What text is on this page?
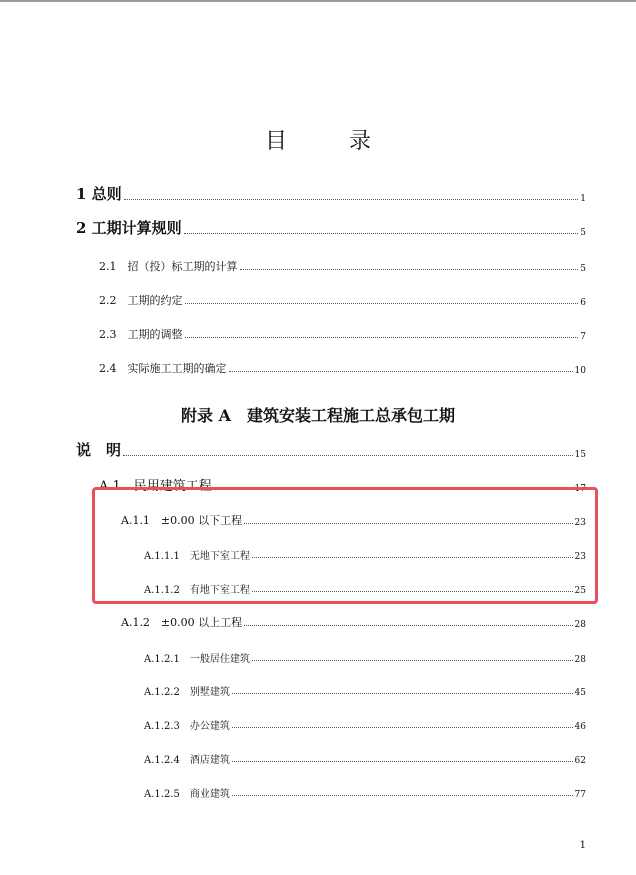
目　录
1 总则	1
2 工期计算规则	5
2.1　招（投）标工期的计算	5
2.2　工期的约定	6
2.3　工期的调整	7
2.4　实际施工工期的确定	10
附录 A　建筑安装工程施工总承包工期
说　明	15
A.1　民用建筑工程	17
A.1.1　±0.00 以下工程	23
A.1.1.1　无地下室工程	23
A.1.1.2　有地下室工程	25
A.1.2　±0.00 以上工程	28
A.1.2.1　一般居住建筑	28
A.1.2.2　别墅建筑	45
A.1.2.3　办公建筑	46
A.1.2.4　酒店建筑	62
A.1.2.5　商业建筑	77
1
